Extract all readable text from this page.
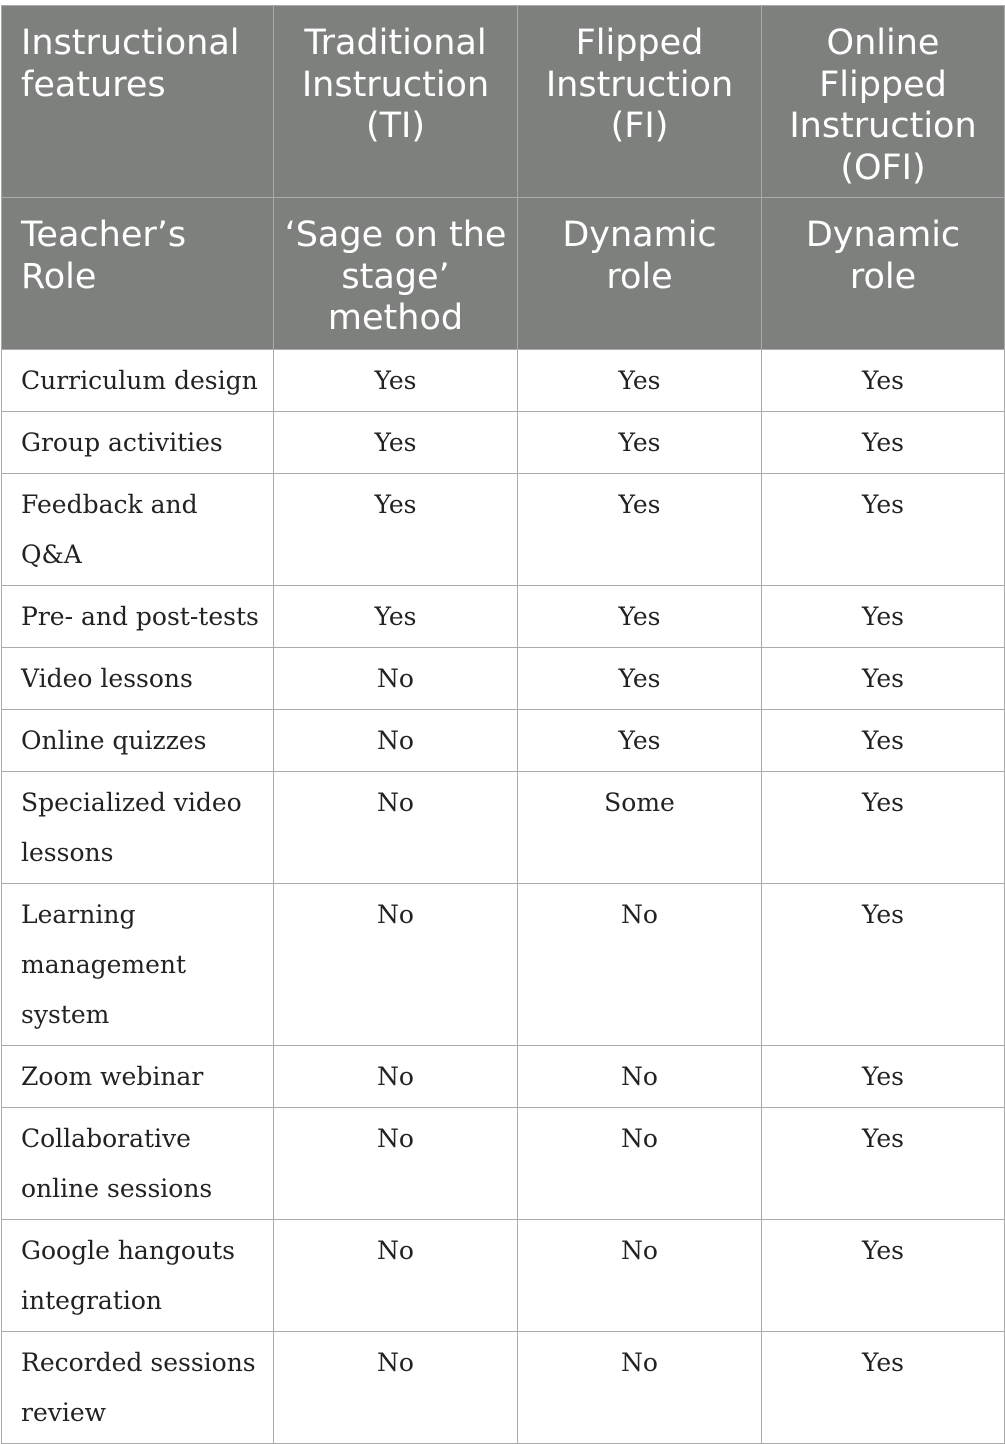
Instructional features	Traditional Instruction (TI)	Flipped Instruction (FI)	Online Flipped Instruction (OFI)
Teacher’s Role	‘Sage on the stage’ method	Dynamic role	Dynamic role
Curriculum design	Yes	Yes	Yes
Group activities	Yes	Yes	Yes
Feedback and Q&A	Yes	Yes	Yes
Pre- and post-tests	Yes	Yes	Yes
Video lessons	No	Yes	Yes
Online quizzes	No	Yes	Yes
Specialized video lessons	No	Some	Yes
Learning management system	No	No	Yes
Zoom webinar	No	No	Yes
Collaborative online sessions	No	No	Yes
Google hangouts integration	No	No	Yes
Recorded sessions review	No	No	Yes
